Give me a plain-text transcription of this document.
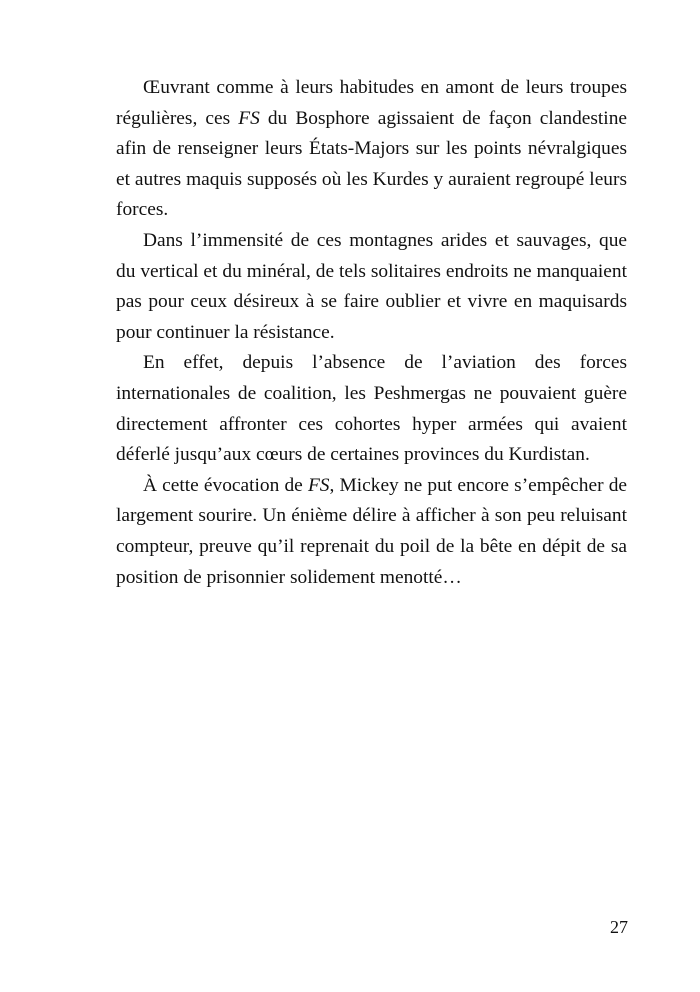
Œuvrant comme à leurs habitudes en amont de leurs troupes régulières, ces FS du Bosphore agissaient de façon clandestine afin de renseigner leurs États-Majors sur les points névralgiques et autres maquis supposés où les Kurdes y auraient regroupé leurs forces.

Dans l’immensité de ces montagnes arides et sauvages, que du vertical et du minéral, de tels solitaires endroits ne manquaient pas pour ceux désireux à se faire oublier et vivre en maquisards pour continuer la résistance.

En effet, depuis l’absence de l’aviation des forces internationales de coalition, les Peshmergas ne pouvaient guère directement affronter ces cohortes hyper armées qui avaient déferlé jusqu’aux cœurs de certaines provinces du Kurdistan.

À cette évocation de FS, Mickey ne put encore s’empêcher de largement sourire. Un énième délire à afficher à son peu reluisant compteur, preuve qu’il reprenait du poil de la bête en dépit de sa position de prisonnier solidement menotté…

27
